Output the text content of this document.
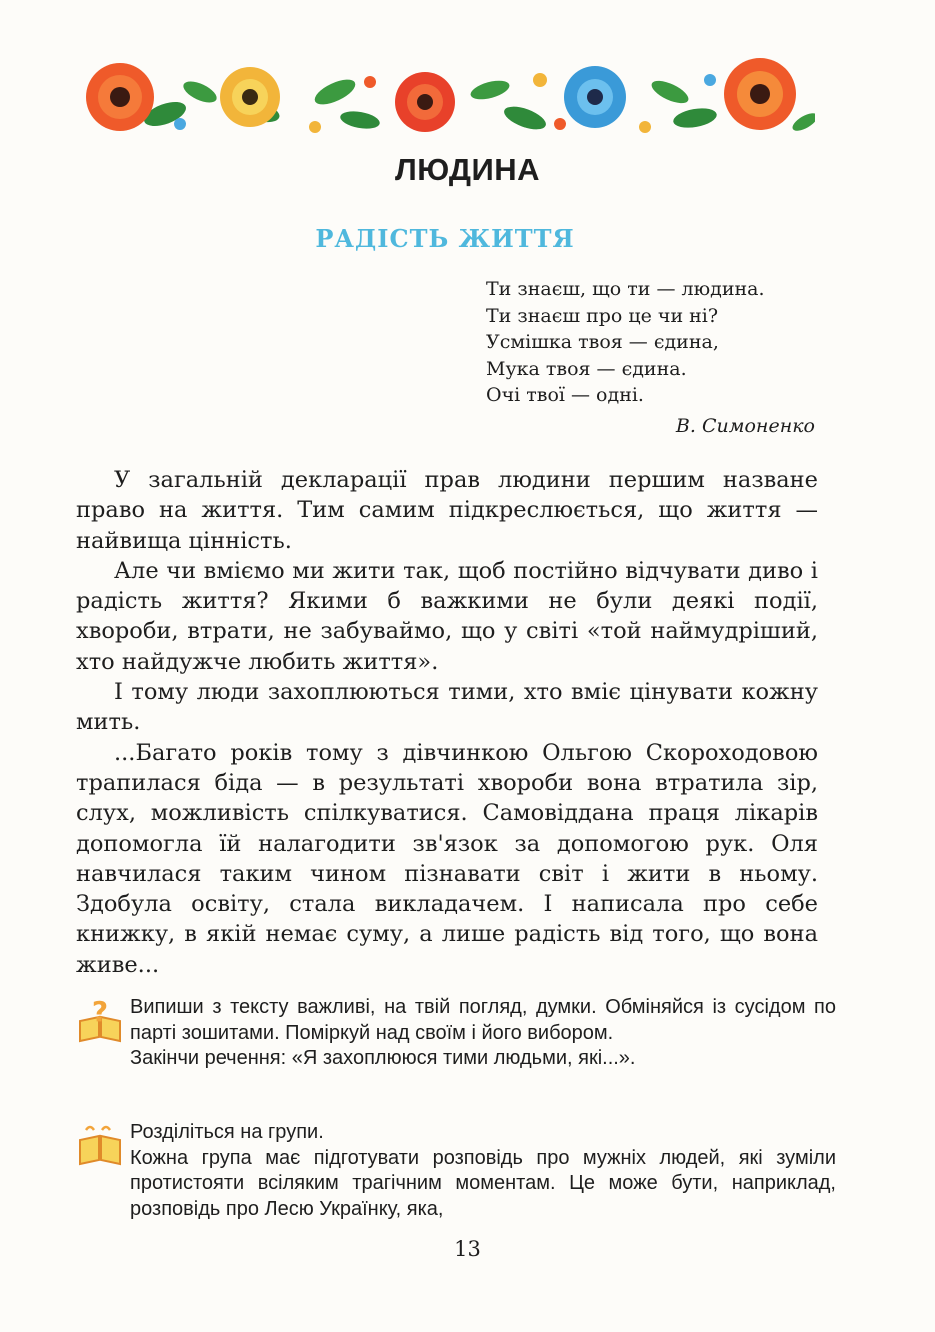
ЛЮДИНА
РАДІСТЬ ЖИТТЯ
Ти знаєш, що ти — людина.
Ти знаєш про це чи ні?
Усмішка твоя — єдина,
Мука твоя — єдина.
Очі твої — одні.
В. Симоненко

У загальній декларації прав людини першим назване право на життя. Тим самим підкреслюється, що життя — найвища цінність.

Але чи вміємо ми жити так, щоб постійно відчувати диво і радість життя? Якими б важкими не були деякі події, хвороби, втрати, не забуваймо, що у світі «той наймудріший, хто найдужче любить життя».

І тому люди захоплюються тими, хто вміє цінувати кожну мить.

...Багато років тому з дівчинкою Ольгою Скороходовою трапилася біда — в результаті хвороби вона втратила зір, слух, можливість спілкуватися. Самовіддана праця лікарів допомогла їй налагодити зв'язок за допомогою рук. Оля навчилася таким чином пізнавати світ і жити в ньому. Здобула освіту, стала викладачем. І написала про себе книжку, в якій немає суму, а лише радість від того, що вона живе...

? Випиши з тексту важливі, на твій погляд, думки. Обміняйся із сусідом по парті зошитами. Поміркуй над своїм і його вибором.

Закінчи речення: «Я захоплююся тими людьми, які...».

Розділіться на групи.

Кожна група має підготувати розповідь про мужніх людей, які зуміли протистояти всіляким трагічним моментам. Це може бути, наприклад, розповідь про Лесю Українку, яка,

13
